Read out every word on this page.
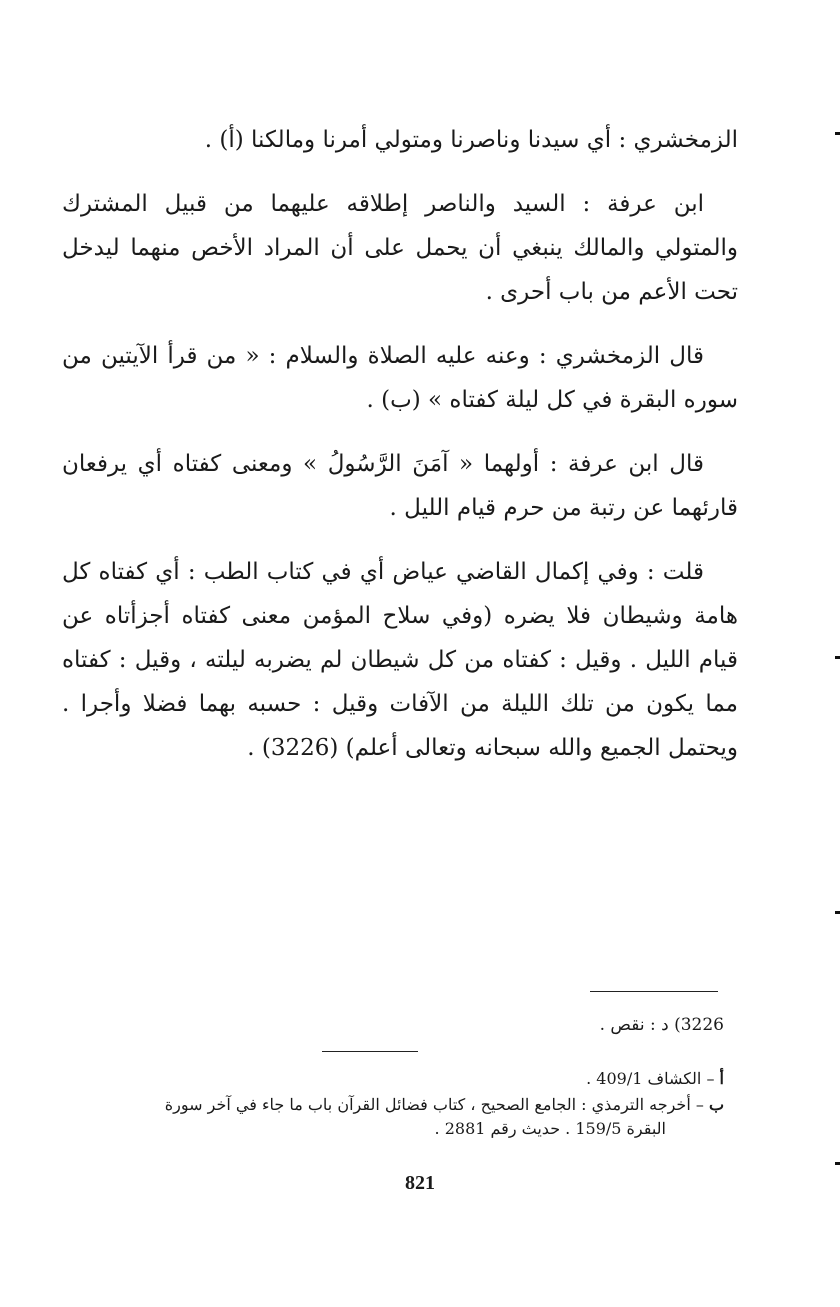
الزمخشري : أي سيدنا وناصرنا ومتولي أمرنا ومالكنا (أ) .

ابن عرفة : السيد والناصر إطلاقه عليهما من قبيل المشترك والمتولي والمالك ينبغي أن يحمل على أن المراد الأخص منهما ليدخل تحت الأعم من باب أحرى .

قال الزمخشري : وعنه عليه الصلاة والسلام : « من قرأ الآيتين من سوره البقرة في كل ليلة كفتاه » (ب) .

قال ابن عرفة : أولهما « آمَنَ الرَّسُولُ » ومعنى كفتاه أي يرفعان قارئهما عن رتبة من حرم قيام الليل .

قلت : وفي إكمال القاضي عياض أي في كتاب الطب : أي كفتاه كل هامة وشيطان فلا يضره (وفي سلاح المؤمن معنى كفتاه أجزأتاه عن قيام الليل . وقيل : كفتاه من كل شيطان لم يضربه ليلته ، وقيل : كفتاه مما يكون من تلك الليلة من الآفات وقيل : حسبه بهما فضلا وأجرا . ويحتمل الجميع والله سبحانه وتعالى أعلم) (3226) .

3226) د : نقص .
أ – الكشاف 409/1 .
ب – أخرجه الترمذي : الجامع الصحيح ، كتاب فضائل القرآن باب ما جاء في آخر سورة
البقرة 159/5 . حديث رقم 2881 .
821
